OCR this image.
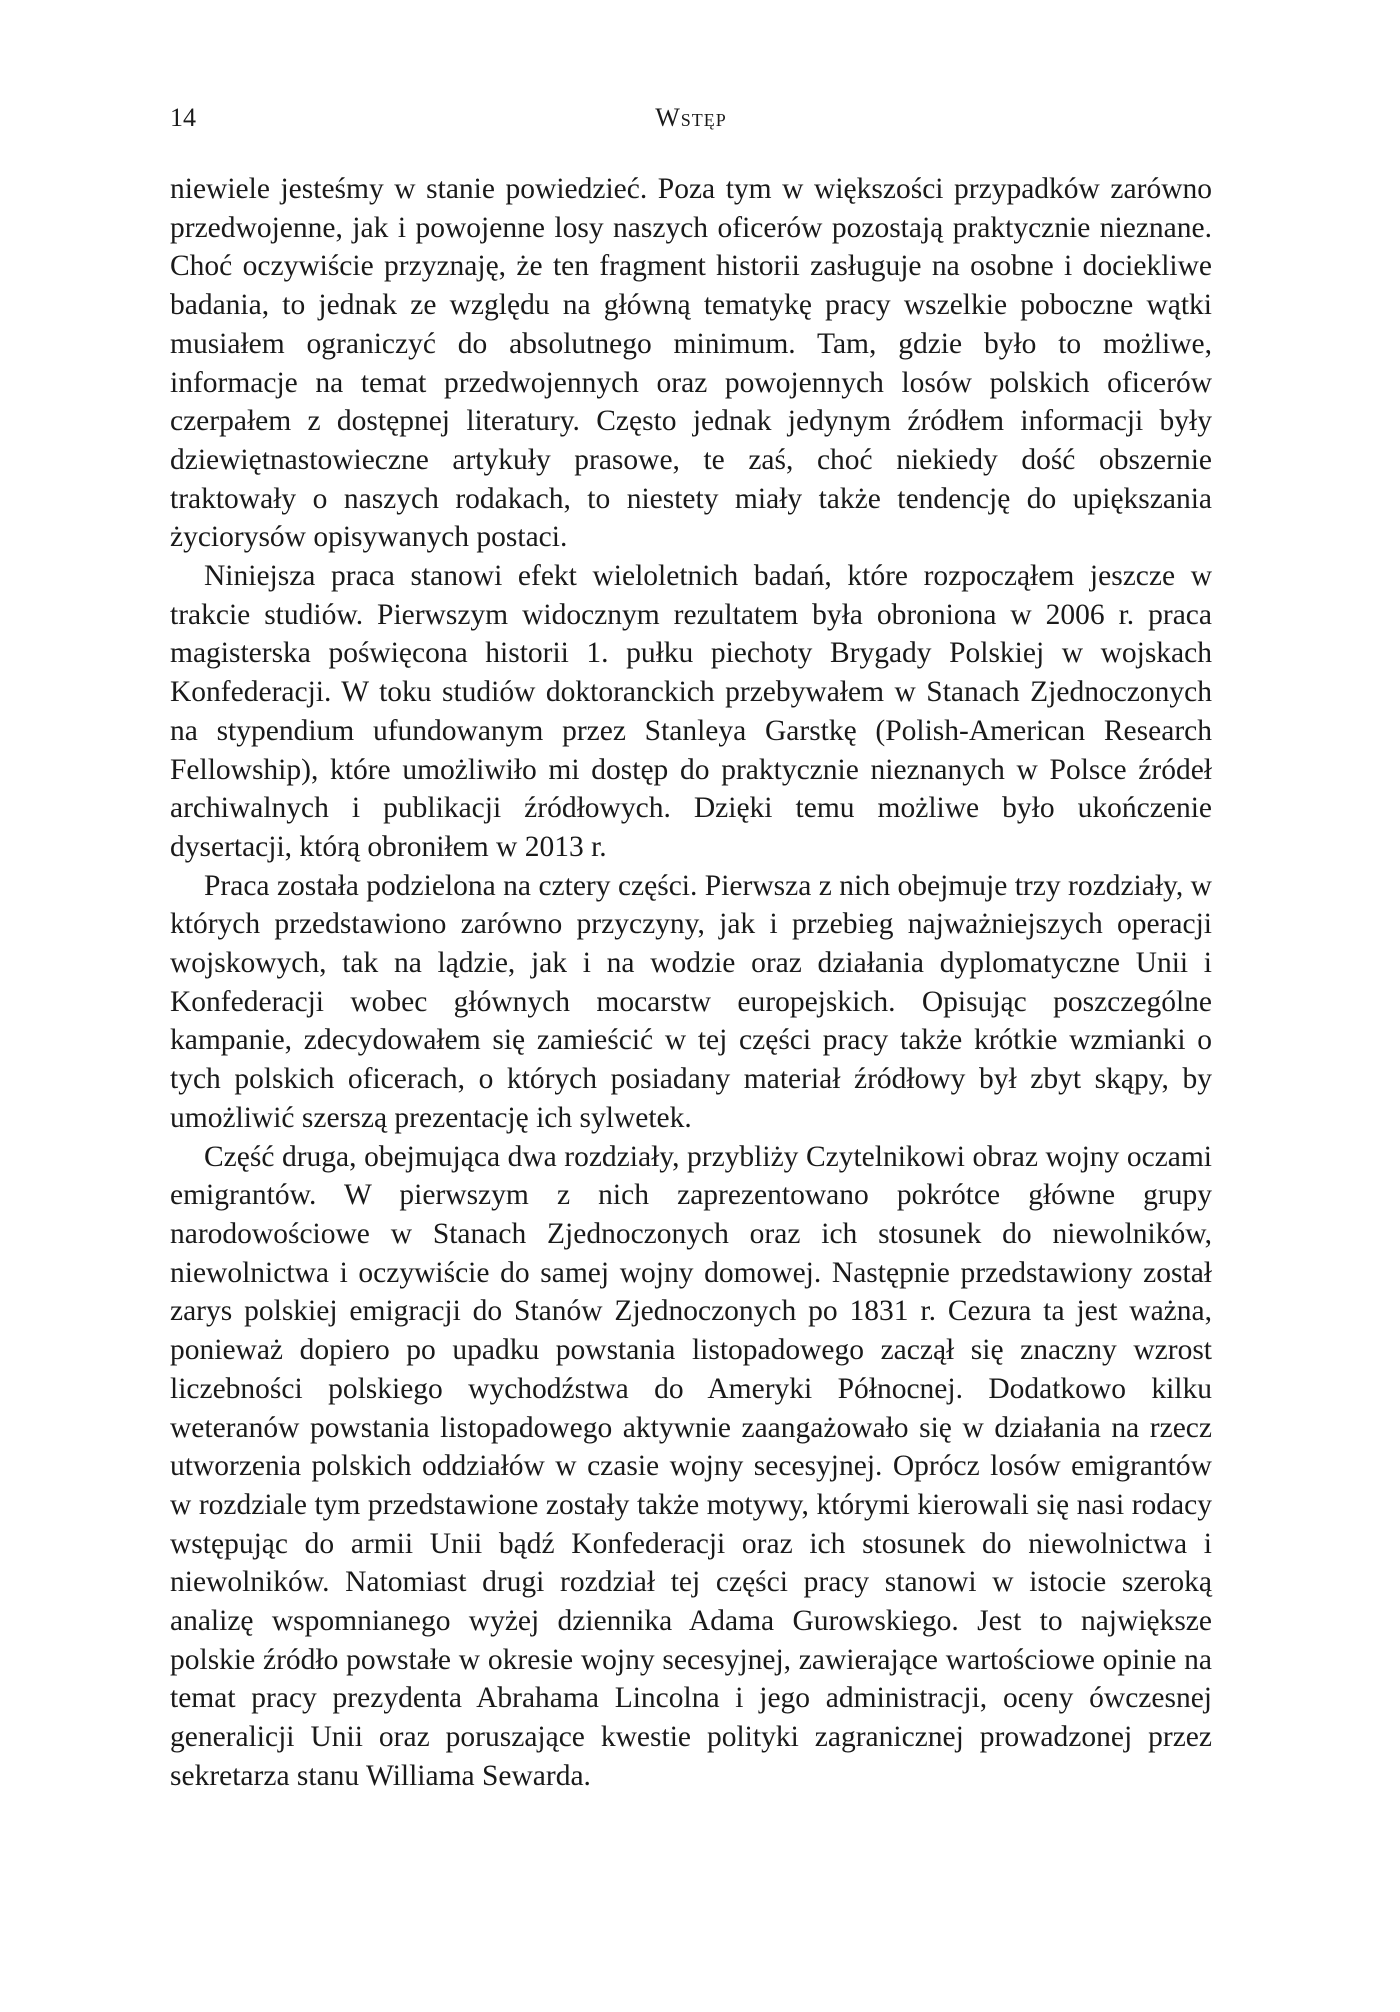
14	Wstęp

niewiele jesteśmy w stanie powiedzieć. Poza tym w większości przypadków zarówno przedwojenne, jak i powojenne losy naszych oficerów pozostają praktycznie nieznane. Choć oczywiście przyznaję, że ten fragment historii zasługuje na osobne i dociekliwe badania, to jednak ze względu na główną tematykę pracy wszelkie poboczne wątki musiałem ograniczyć do absolutnego minimum. Tam, gdzie było to możliwe, informacje na temat przedwojennych oraz powojennych losów polskich oficerów czerpałem z dostępnej literatury. Często jednak jedynym źródłem informacji były dziewiętnastowieczne artykuły prasowe, te zaś, choć niekiedy dość obszernie traktowały o naszych rodakach, to niestety miały także tendencję do upiększania życiorysów opisywanych postaci.

Niniejsza praca stanowi efekt wieloletnich badań, które rozpocząłem jeszcze w trakcie studiów. Pierwszym widocznym rezultatem była obroniona w 2006 r. praca magisterska poświęcona historii 1. pułku piechoty Brygady Polskiej w wojskach Konfederacji. W toku studiów doktoranckich przebywałem w Stanach Zjednoczonych na stypendium ufundowanym przez Stanleya Garstkę (Polish-American Research Fellowship), które umożliwiło mi dostęp do praktycznie nieznanych w Polsce źródeł archiwalnych i publikacji źródłowych. Dzięki temu możliwe było ukończenie dysertacji, którą obroniłem w 2013 r.

Praca została podzielona na cztery części. Pierwsza z nich obejmuje trzy rozdziały, w których przedstawiono zarówno przyczyny, jak i przebieg najważniejszych operacji wojskowych, tak na lądzie, jak i na wodzie oraz działania dyplomatyczne Unii i Konfederacji wobec głównych mocarstw europejskich. Opisując poszczególne kampanie, zdecydowałem się zamieścić w tej części pracy także krótkie wzmianki o tych polskich oficerach, o których posiadany materiał źródłowy był zbyt skąpy, by umożliwić szerszą prezentację ich sylwetek.

Część druga, obejmująca dwa rozdziały, przybliży Czytelnikowi obraz wojny oczami emigrantów. W pierwszym z nich zaprezentowano pokrótce główne grupy narodowościowe w Stanach Zjednoczonych oraz ich stosunek do niewolników, niewolnictwa i oczywiście do samej wojny domowej. Następnie przedstawiony został zarys polskiej emigracji do Stanów Zjednoczonych po 1831 r. Cezura ta jest ważna, ponieważ dopiero po upadku powstania listopadowego zaczął się znaczny wzrost liczebności polskiego wychodźstwa do Ameryki Północnej. Dodatkowo kilku weteranów powstania listopadowego aktywnie zaangażowało się w działania na rzecz utworzenia polskich oddziałów w czasie wojny secesyjnej. Oprócz losów emigrantów w rozdziale tym przedstawione zostały także motywy, którymi kierowali się nasi rodacy wstępując do armii Unii bądź Konfederacji oraz ich stosunek do niewolnictwa i niewolników. Natomiast drugi rozdział tej części pracy stanowi w istocie szeroką analizę wspomnianego wyżej dziennika Adama Gurowskiego. Jest to największe polskie źródło powstałe w okresie wojny secesyjnej, zawierające wartościowe opinie na temat pracy prezydenta Abrahama Lincolna i jego administracji, oceny ówczesnej generalicji Unii oraz poruszające kwestie polityki zagranicznej prowadzonej przez sekretarza stanu Williama Sewarda.
